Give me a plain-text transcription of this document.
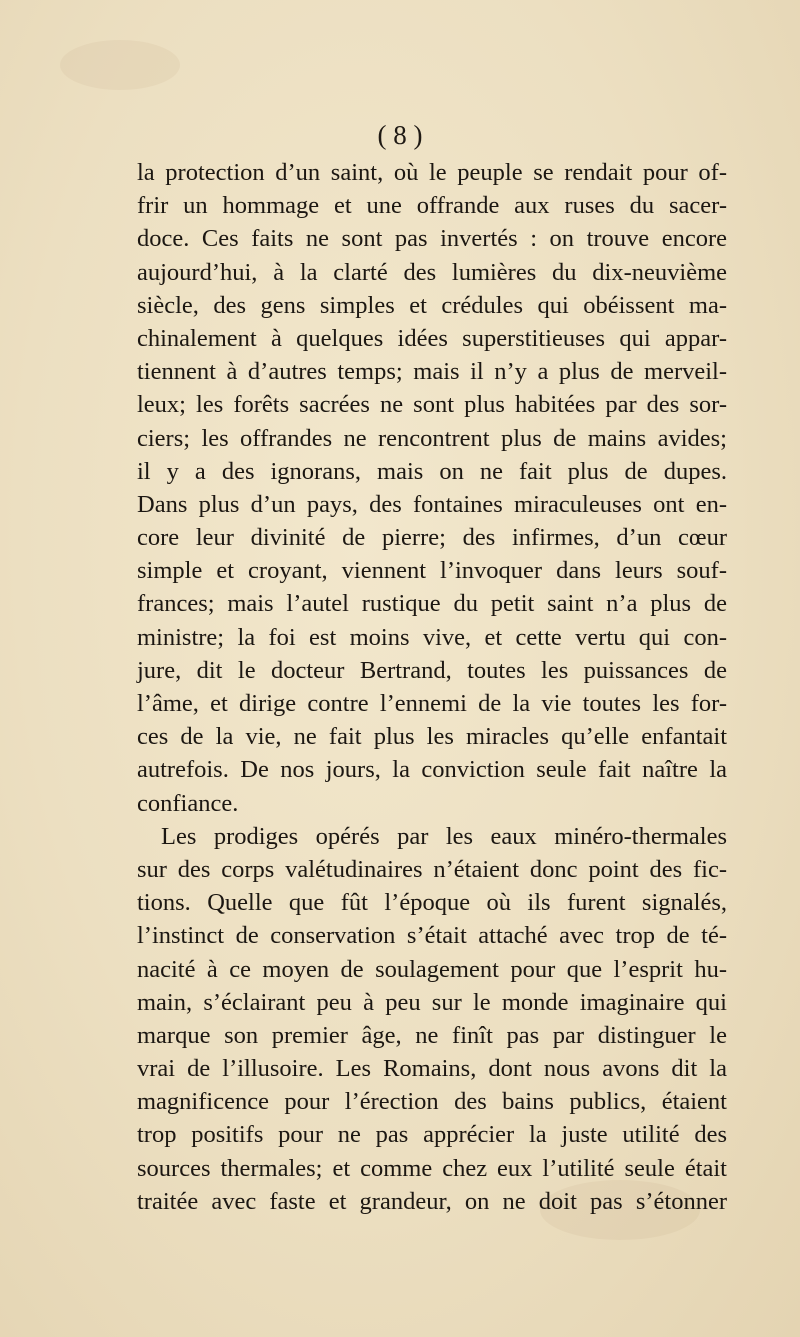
( 8 )
la protection d’un saint, où le peuple se rendait pour of-
frir un hommage et une offrande aux ruses du sacer-
doce. Ces faits ne sont pas invertés : on trouve encore
aujourd’hui, à la clarté des lumières du dix-neuvième
siècle, des gens simples et crédules qui obéissent ma-
chinalement à quelques idées superstitieuses qui appar-
tiennent à d’autres temps; mais il n’y a plus de merveil-
leux; les forêts sacrées ne sont plus habitées par des sor-
ciers; les offrandes ne rencontrent plus de mains avides;
il y a des ignorans, mais on ne fait plus de dupes.
Dans plus d’un pays, des fontaines miraculeuses ont en-
core leur divinité de pierre; des infirmes, d’un cœur
simple et croyant, viennent l’invoquer dans leurs souf-
frances; mais l’autel rustique du petit saint n’a plus de
ministre; la foi est moins vive, et cette vertu qui con-
jure, dit le docteur Bertrand, toutes les puissances de
l’âme, et dirige contre l’ennemi de la vie toutes les for-
ces de la vie, ne fait plus les miracles qu’elle enfantait
autrefois. De nos jours, la conviction seule fait naître la
confiance.
Les prodiges opérés par les eaux minéro-thermales
sur des corps valétudinaires n’étaient donc point des fic-
tions. Quelle que fût l’époque où ils furent signalés,
l’instinct de conservation s’était attaché avec trop de té-
nacité à ce moyen de soulagement pour que l’esprit hu-
main, s’éclairant peu à peu sur le monde imaginaire qui
marque son premier âge, ne finît pas par distinguer le
vrai de l’illusoire. Les Romains, dont nous avons dit la
magnificence pour l’érection des bains publics, étaient
trop positifs pour ne pas apprécier la juste utilité des
sources thermales; et comme chez eux l’utilité seule était
traitée avec faste et grandeur, on ne doit pas s’étonner
